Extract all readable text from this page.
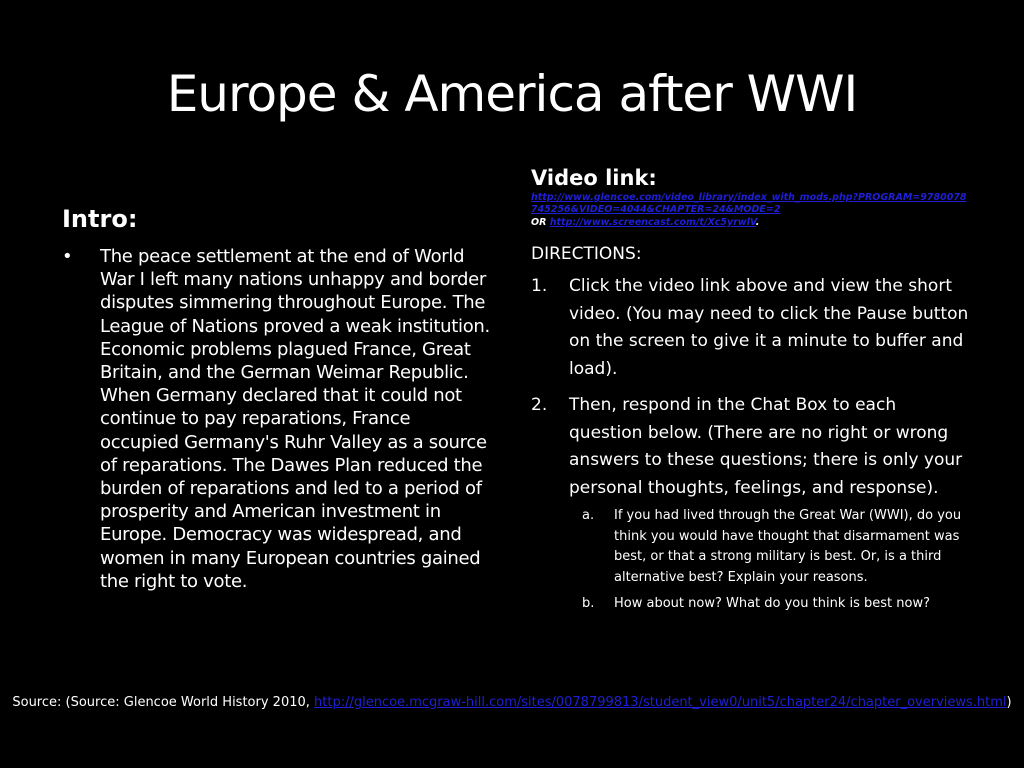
Europe & America after WWI
Intro:
• The peace settlement at the end of World War I left many nations unhappy and border disputes simmering throughout Europe. The League of Nations proved a weak institution. Economic problems plagued France, Great Britain, and the German Weimar Republic. When Germany declared that it could not continue to pay reparations, France occupied Germany's Ruhr Valley as a source of reparations. The Dawes Plan reduced the burden of reparations and led to a period of prosperity and American investment in Europe. Democracy was widespread, and women in many European countries gained the right to vote.
Video link:
http://www.glencoe.com/video_library/index_with_mods.php?PROGRAM=9780078745256&VIDEO=4044&CHAPTER=24&MODE=2
OR http://www.screencast.com/t/Xc5yrwlV.
DIRECTIONS:
1. Click the video link above and view the short video. (You may need to click the Pause button on the screen to give it a minute to buffer and load).
2. Then, respond in the Chat Box to each question below. (There are no right or wrong answers to these questions; there is only your personal thoughts, feelings, and response).
a. If you had lived through the Great War (WWI), do you think you would have thought that disarmament was best, or that a strong military is best. Or, is a third alternative best? Explain your reasons.
b. How about now? What do you think is best now?
Source: (Source: Glencoe World History 2010, http://glencoe.mcgraw-hill.com/sites/0078799813/student_view0/unit5/chapter24/chapter_overviews.html)
